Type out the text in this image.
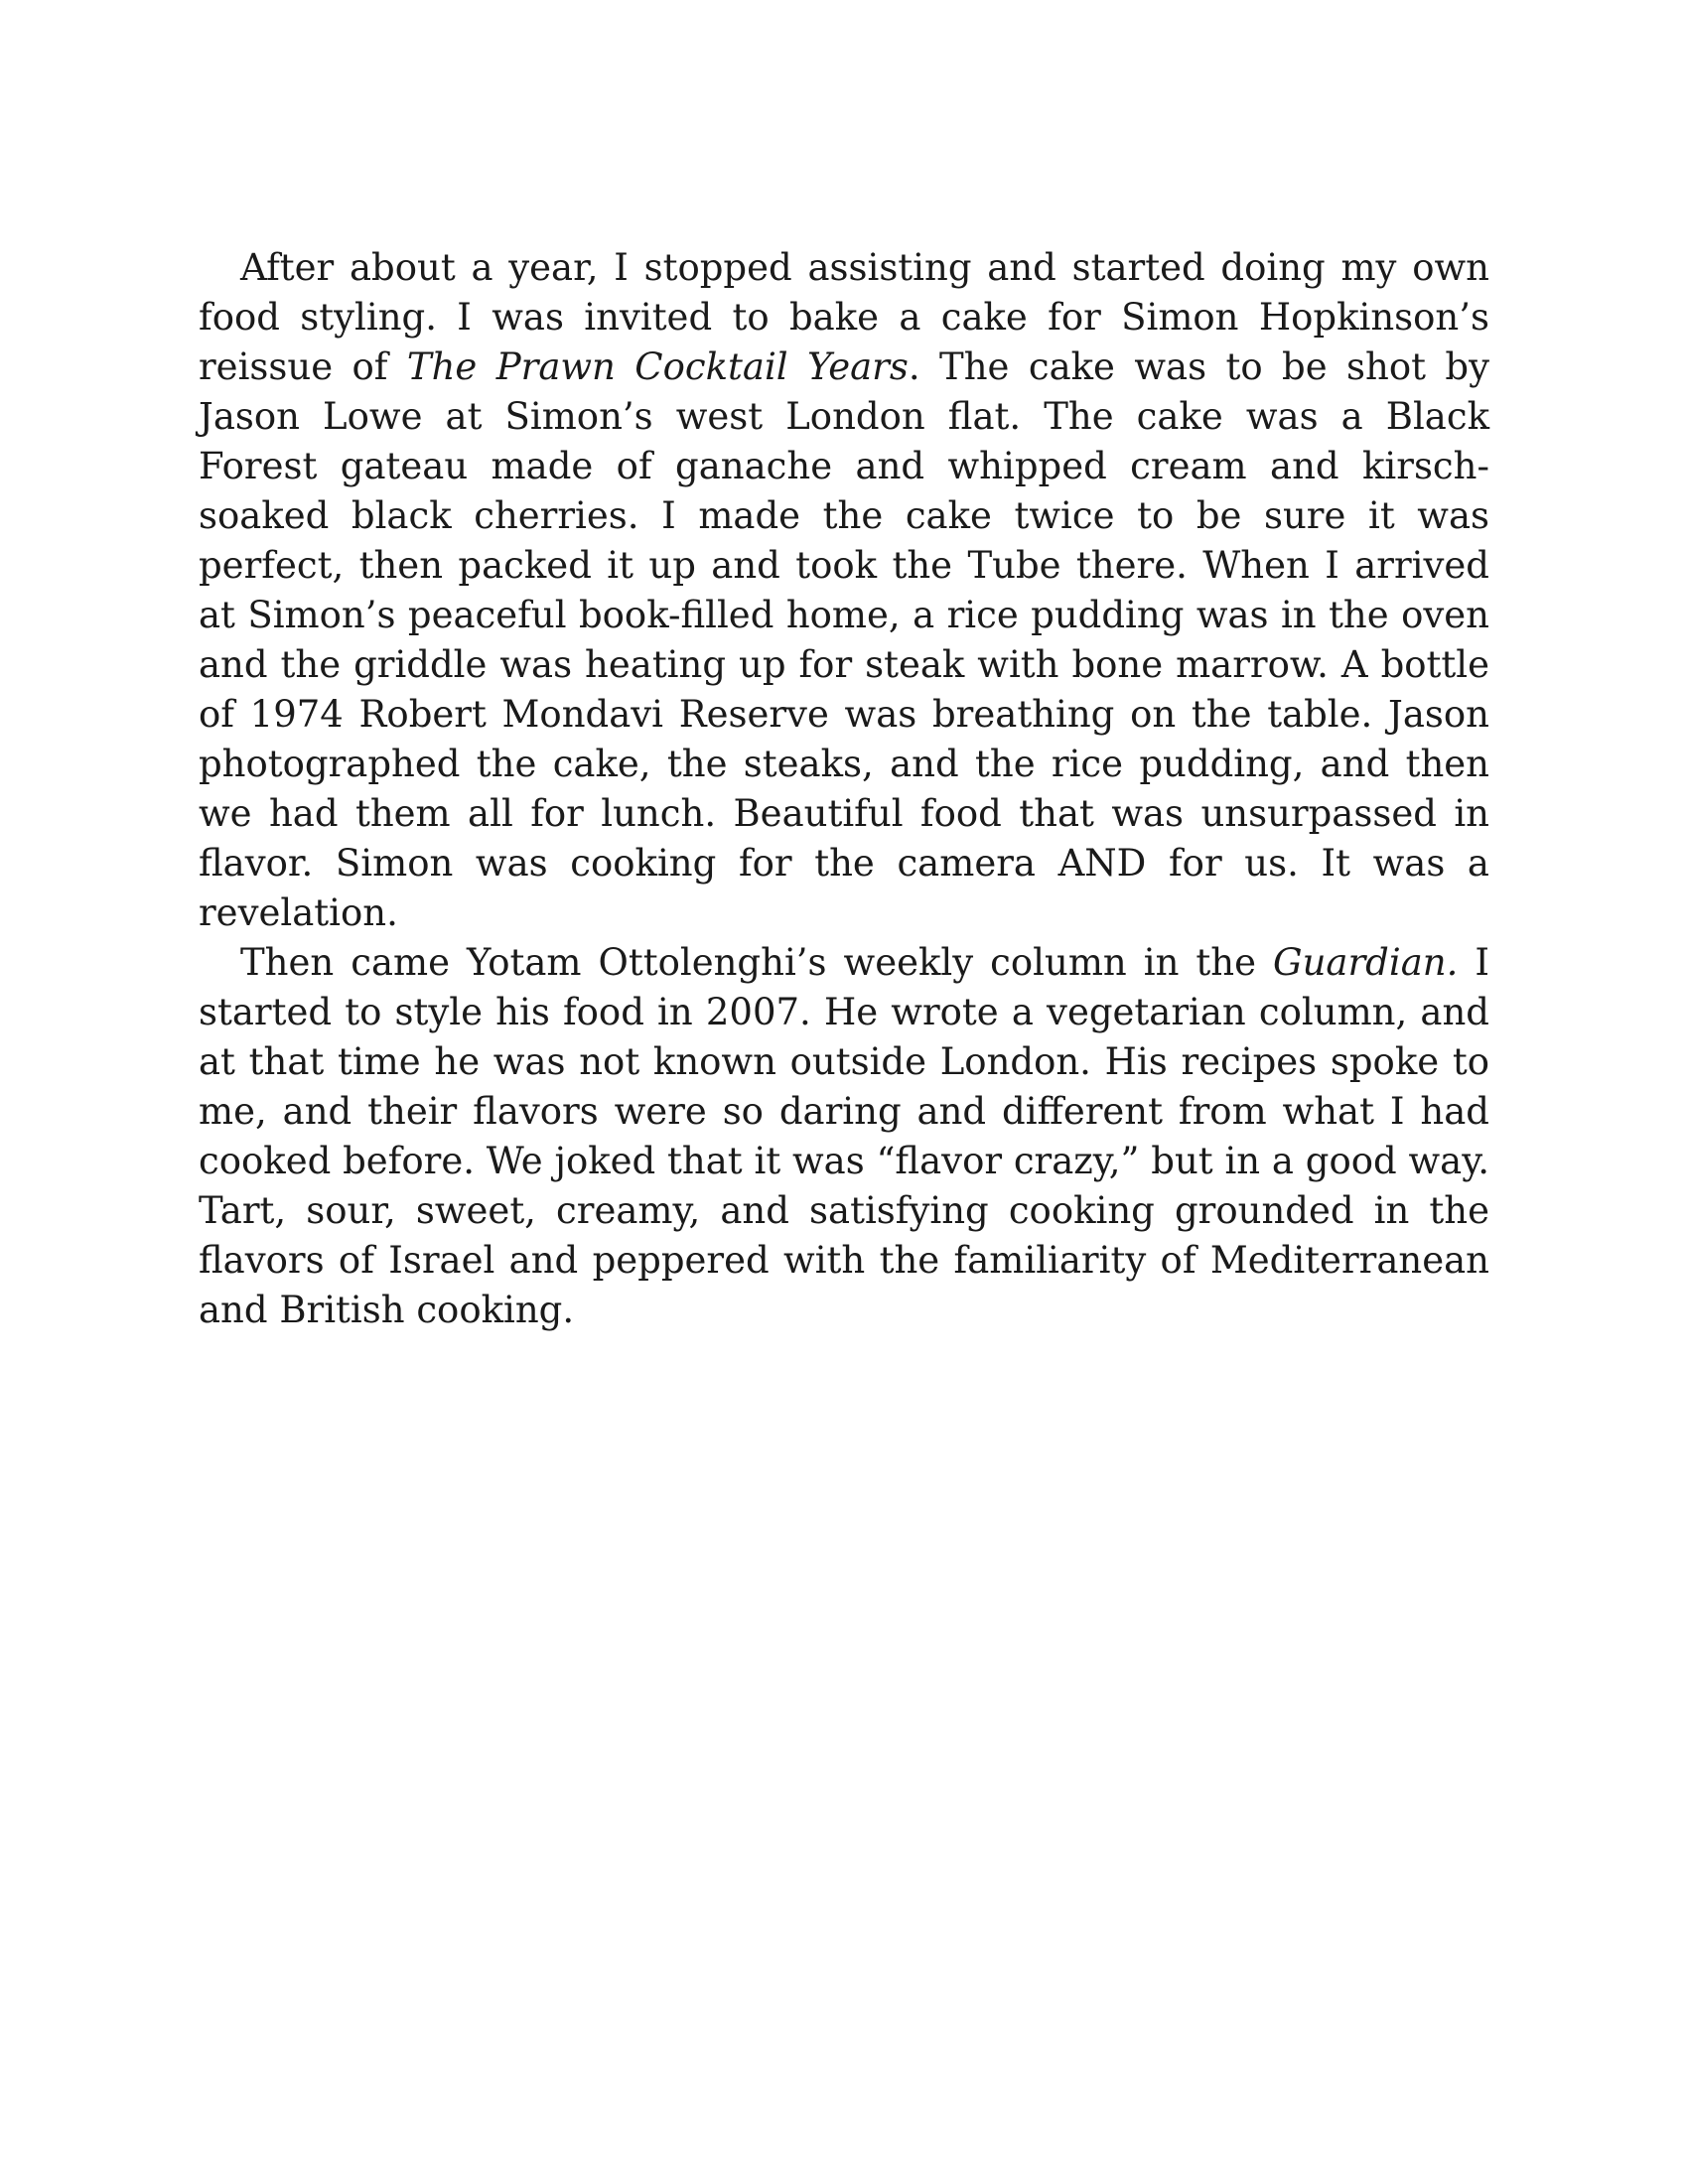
After about a year, I stopped assisting and started doing my own food styling. I was invited to bake a cake for Simon Hopkinson’s reissue of The Prawn Cocktail Years. The cake was to be shot by Jason Lowe at Simon’s west London flat. The cake was a Black Forest gateau made of ganache and whipped cream and kirsch-soaked black cherries. I made the cake twice to be sure it was perfect, then packed it up and took the Tube there. When I arrived at Simon’s peaceful book-filled home, a rice pudding was in the oven and the griddle was heating up for steak with bone marrow. A bottle of 1974 Robert Mondavi Reserve was breathing on the table. Jason photographed the cake, the steaks, and the rice pudding, and then we had them all for lunch. Beautiful food that was unsurpassed in flavor. Simon was cooking for the camera AND for us. It was a revelation.

Then came Yotam Ottolenghi’s weekly column in the Guardian. I started to style his food in 2007. He wrote a vegetarian column, and at that time he was not known outside London. His recipes spoke to me, and their flavors were so daring and different from what I had cooked before. We joked that it was “flavor crazy,” but in a good way. Tart, sour, sweet, creamy, and satisfying cooking grounded in the flavors of Israel and peppered with the familiarity of Mediterranean and British cooking.
